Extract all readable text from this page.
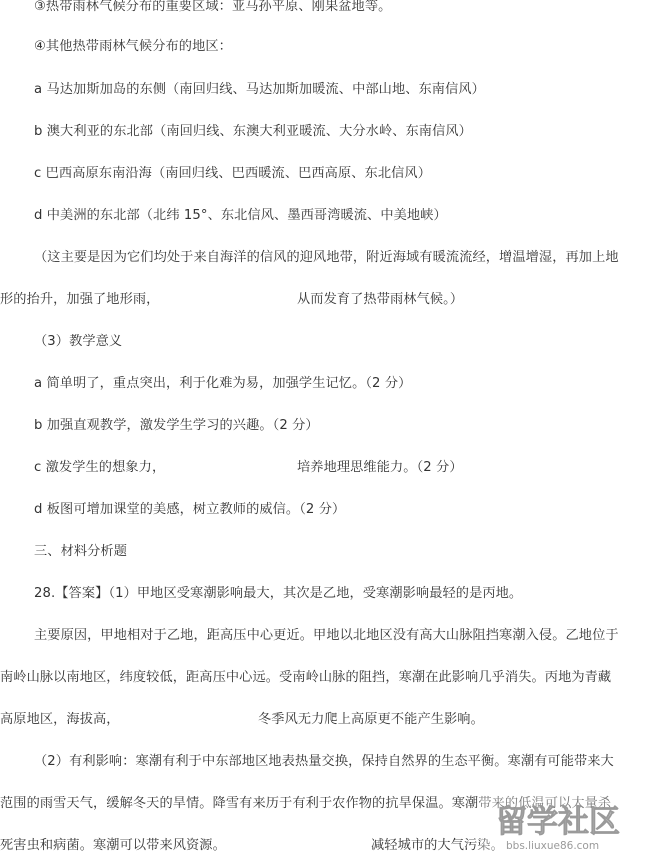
③热带雨林气候分布的重要区域：亚马孙平原、刚果盆地等。
④其他热带雨林气候分布的地区：
a 马达加斯加岛的东侧（南回归线、马达加斯加暖流、中部山地、东南信风）
b 澳大利亚的东北部（南回归线、东澳大利亚暖流、大分水岭、东南信风）
c 巴西高原东南沿海（南回归线、巴西暖流、巴西高原、东北信风）
d 中美洲的东北部（北纬 15°、东北信风、墨西哥湾暖流、中美地峡）
（这主要是因为它们均处于来自海洋的信风的迎风地带，附近海域有暖流流经，增温增湿，再加上地
形的抬升，加强了地形雨，	从而发育了热带雨林气候。）
（3）教学意义
a 简单明了，重点突出，利于化难为易，加强学生记忆。（2 分）
b 加强直观教学，激发学生学习的兴趣。（2 分）
c 激发学生的想象力，	培养地理思维能力。（2 分）
d 板图可增加课堂的美感，树立教师的威信。（2 分）
三、材料分析题
28.【答案】（1）甲地区受寒潮影响最大，其次是乙地，受寒潮影响最轻的是丙地。
主要原因，甲地相对于乙地，距高压中心更近。甲地以北地区没有高大山脉阻挡寒潮入侵。乙地位于
南岭山脉以南地区，纬度较低，距高压中心远。受南岭山脉的阻挡，寒潮在此影响几乎消失。丙地为青藏
高原地区，海拔高，	冬季风无力爬上高原更不能产生影响。
（2）有利影响：寒潮有利于中东部地区地表热量交换，保持自然界的生态平衡。寒潮有可能带来大
范围的雨雪天气，缓解冬天的旱情。降雪有来历于有利于农作物的抗旱保温。寒潮带来的低温可以大量杀
死害虫和病菌。寒潮可以带来风资源。	减轻城市的大气污染。
留学社区
bbs.liuxue86.com
